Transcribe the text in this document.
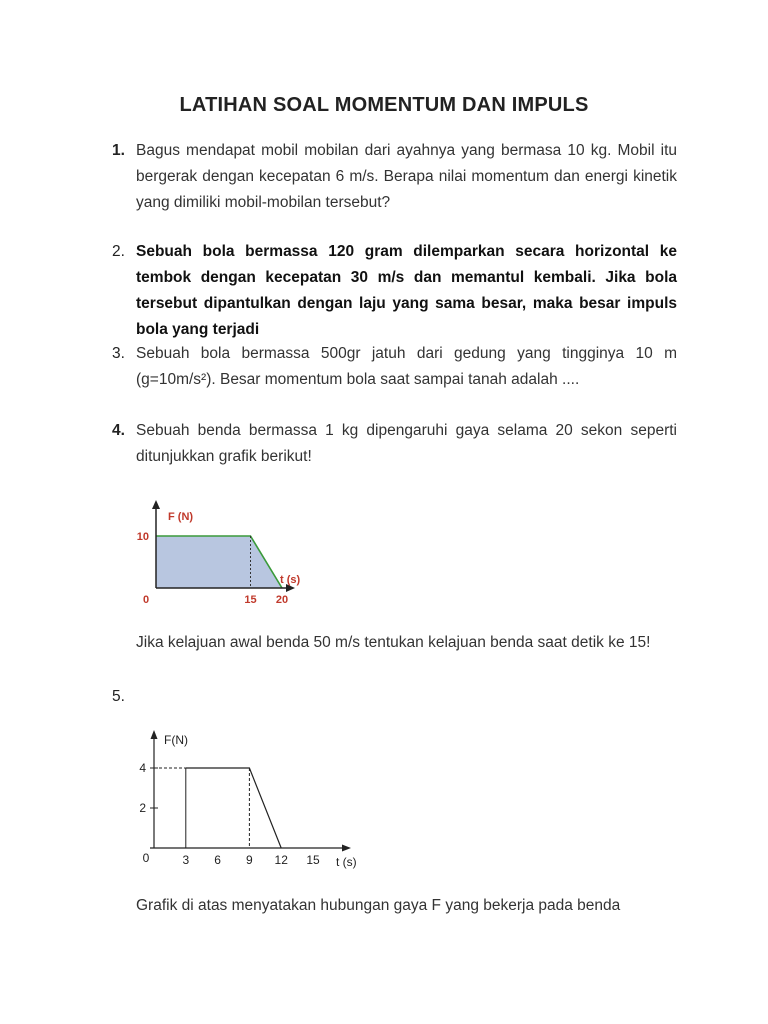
LATIHAN SOAL MOMENTUM DAN IMPULS
1. Bagus mendapat mobil mobilan dari ayahnya yang bermasa 10 kg. Mobil itu bergerak dengan kecepatan 6 m/s. Berapa nilai momentum dan energi kinetik yang dimiliki mobil-mobilan tersebut?
2. Sebuah bola bermassa 120 gram dilemparkan secara horizontal ke tembok dengan kecepatan 30 m/s dan memantul kembali. Jika bola tersebut dipantulkan dengan laju yang sama besar, maka besar impuls bola yang terjadi
3. Sebuah bola bermassa 500gr jatuh dari gedung yang tingginya 10 m (g=10m/s²). Besar momentum bola saat sampai tanah adalah ....
4. Sebuah benda bermassa 1 kg dipengaruhi gaya selama 20 sekon seperti ditunjukkan grafik berikut!
F (N)
t (s)
10
0	15 20
Jika kelajuan awal benda 50 m/s tentukan kelajuan benda saat detik ke 15!
5.
F(N)
t (s)
2
4
0	3 6 9 12 15
Grafik di atas menyatakan hubungan gaya F yang bekerja pada benda
